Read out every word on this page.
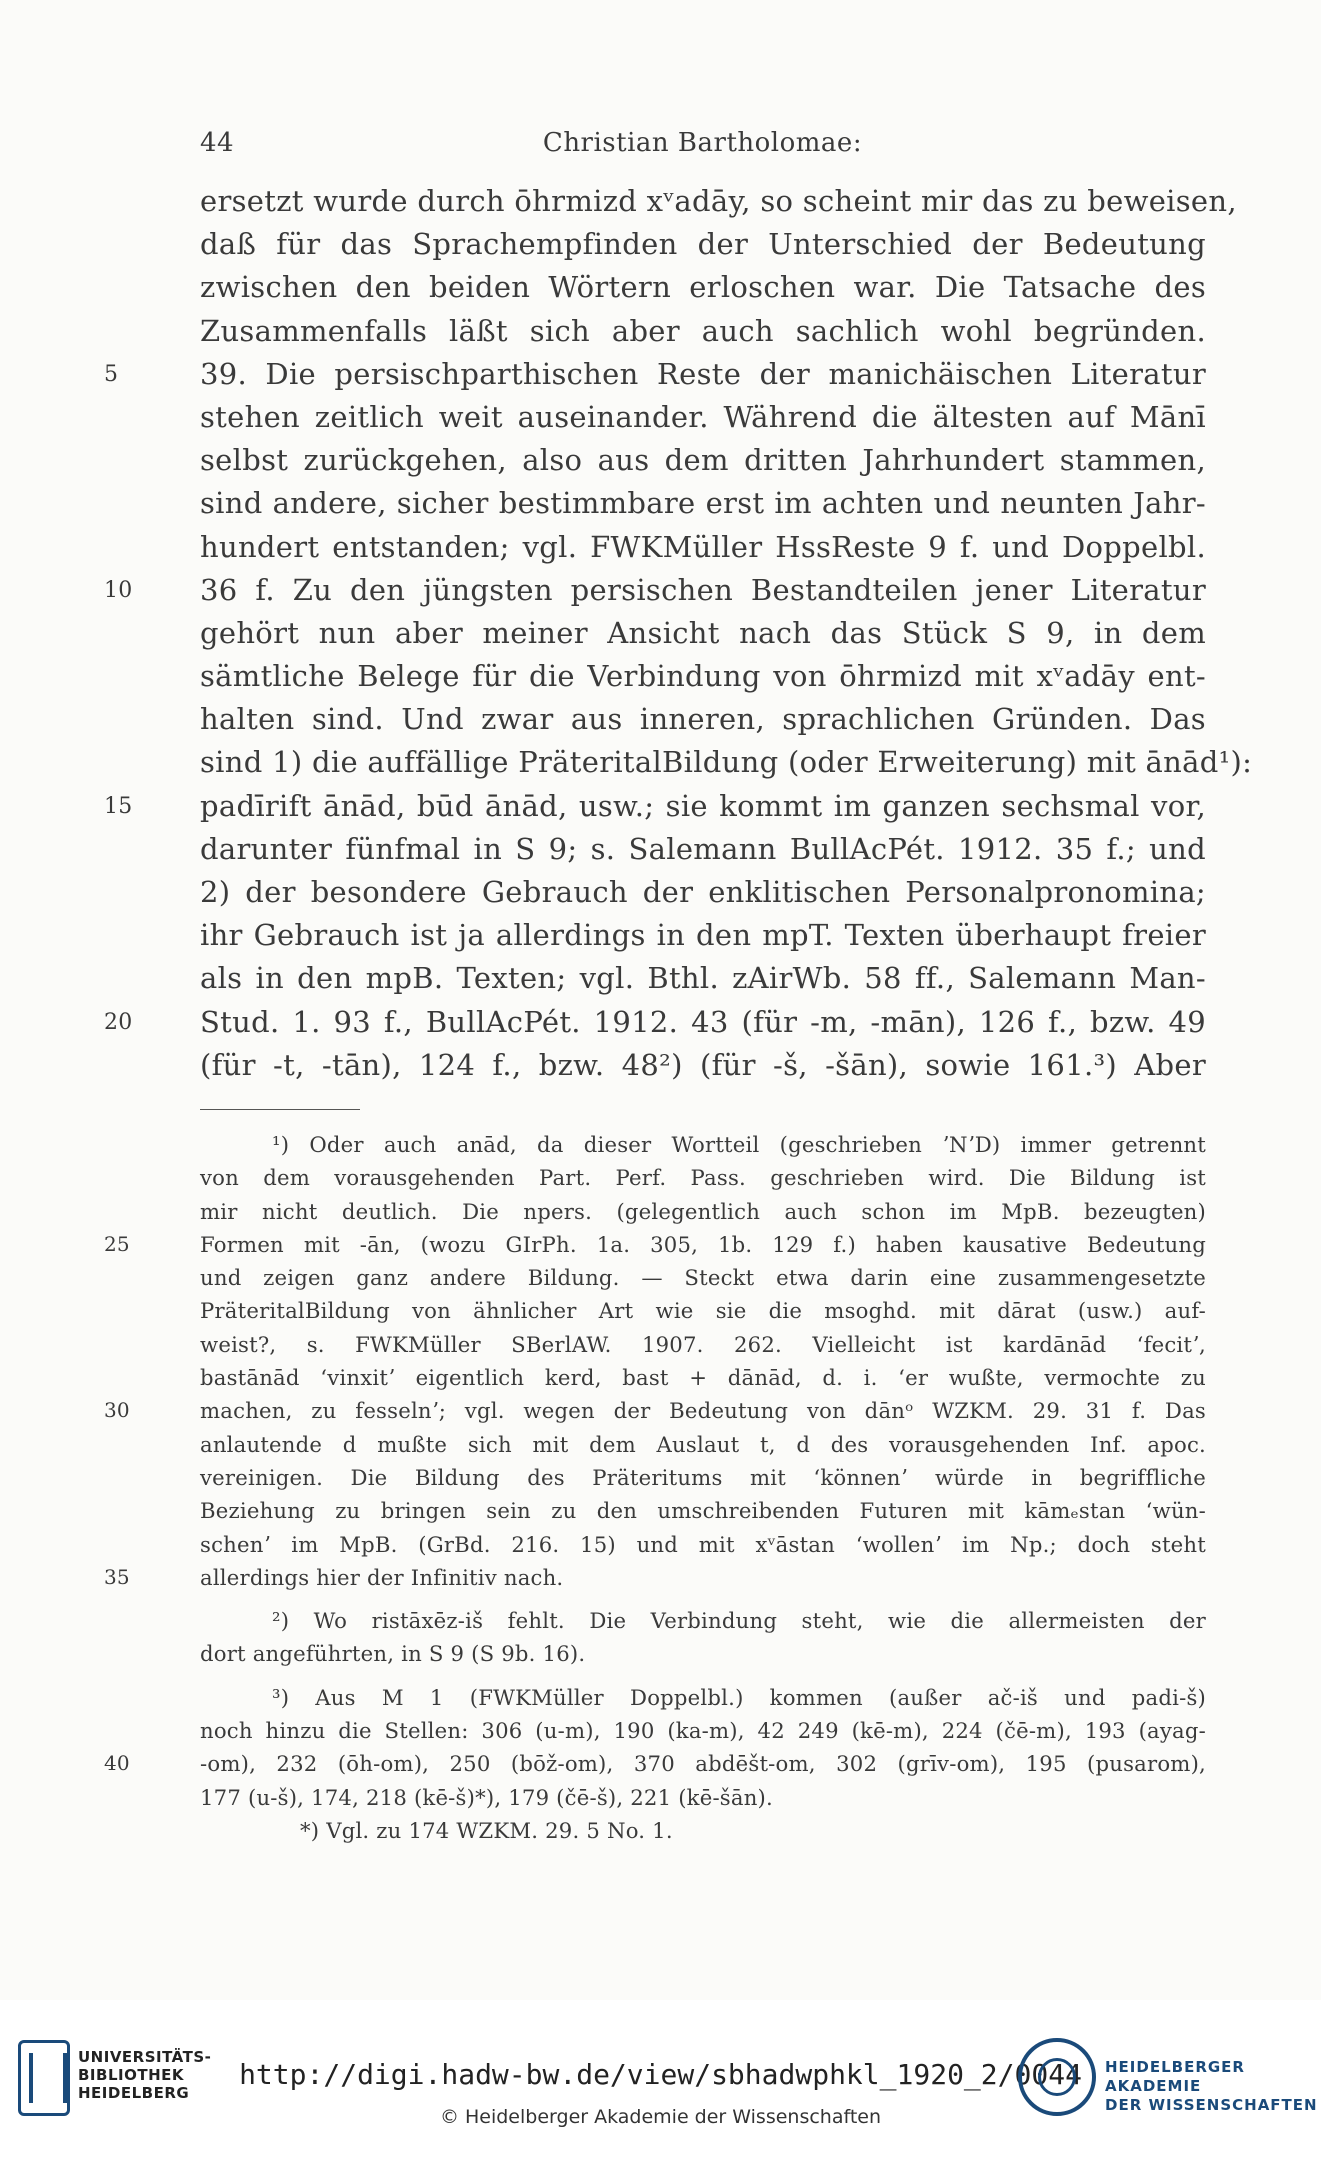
44	Christian Bartholomae:
ersetzt wurde durch ōhrmizd xᵛadāy, so scheint mir das zu beweisen,
daß für das Sprachempfinden der Unterschied der Bedeutung
zwischen den beiden Wörtern erloschen war. Die Tatsache des
Zusammenfalls läßt sich aber auch sachlich wohl begründen.
5	39. Die persischparthischen Reste der manichäischen Literatur
stehen zeitlich weit auseinander. Während die ältesten auf Mānī
selbst zurückgehen, also aus dem dritten Jahrhundert stammen,
sind andere, sicher bestimmbare erst im achten und neunten Jahr-
hundert entstanden; vgl. FWKMüller HssReste 9 f. und Doppelbl.
10	36 f. Zu den jüngsten persischen Bestandteilen jener Literatur
gehört nun aber meiner Ansicht nach das Stück S 9, in dem
sämtliche Belege für die Verbindung von ōhrmizd mit xᵛadāy ent-
halten sind. Und zwar aus inneren, sprachlichen Gründen. Das
sind 1) die auffällige PräteritalBildung (oder Erweiterung) mit ānād¹):
15	padīrift ānād, būd ānād, usw.; sie kommt im ganzen sechsmal vor,
darunter fünfmal in S 9; s. Salemann BullAcPét. 1912. 35 f.; und
2) der besondere Gebrauch der enklitischen Personalpronomina;
ihr Gebrauch ist ja allerdings in den mpT. Texten überhaupt freier
als in den mpB. Texten; vgl. Bthl. zAirWb. 58 ff., Salemann Man-
20	Stud. 1. 93 f., BullAcPét. 1912. 43 (für -m, -mān), 126 f., bzw. 49
(für -t, -tān), 124 f., bzw. 48²) (für -š, -šān), sowie 161.³) Aber
¹) Oder auch anād, da dieser Wortteil (geschrieben ʼNʼD) immer getrennt
von dem vorausgehenden Part. Perf. Pass. geschrieben wird. Die Bildung ist
mir nicht deutlich. Die npers. (gelegentlich auch schon im MpB. bezeugten)
25	Formen mit -ān, (wozu GIrPh. 1a. 305, 1b. 129 f.) haben kausative Bedeutung
und zeigen ganz andere Bildung. — Steckt etwa darin eine zusammengesetzte
PräteritalBildung von ähnlicher Art wie sie die msoghd. mit dārat (usw.) auf-
weist?, s. FWKMüller SBerlAW. 1907. 262. Vielleicht ist kardānād ʻfecitʼ,
bastānād ʻvinxitʼ eigentlich kerd, bast + dānād, d. i. ʻer wußte, vermochte zu
30	machen, zu fesselnʼ; vgl. wegen der Bedeutung von dānᵒ WZKM. 29. 31 f. Das
anlautende d mußte sich mit dem Auslaut t, d des vorausgehenden Inf. apoc.
vereinigen. Die Bildung des Präteritums mit ʻkönnenʼ würde in begriffliche
Beziehung zu bringen sein zu den umschreibenden Futuren mit kāmₑstan ʻwün-
schenʼ im MpB. (GrBd. 216. 15) und mit xᵛāstan ʻwollenʼ im Np.; doch steht
35	allerdings hier der Infinitiv nach.
²) Wo ristāxēz-iš fehlt. Die Verbindung steht, wie die allermeisten der
dort angeführten, in S 9 (S 9b. 16).
³) Aus M 1 (FWKMüller Doppelbl.) kommen (außer ač-iš und padi-š)
noch hinzu die Stellen: 306 (u-m), 190 (ka-m), 42 249 (kē-m), 224 (čē-m), 193 (ayag-
40	-om), 232 (ōh-om), 250 (bōž-om), 370 abdēšt-om, 302 (grīv-om), 195 (pusarom),
177 (u-š), 174, 218 (kē-š)*), 179 (čē-š), 221 (kē-šān).
*) Vgl. zu 174 WZKM. 29. 5 No. 1.
UNIVERSITÄTS-
BIBLIOTHEK
HEIDELBERG
http://digi.hadw-bw.de/view/sbhadwphkl_1920_2/0044
© Heidelberger Akademie der Wissenschaften
HEIDELBERGER AKADEMIE
DER WISSENSCHAFTEN
